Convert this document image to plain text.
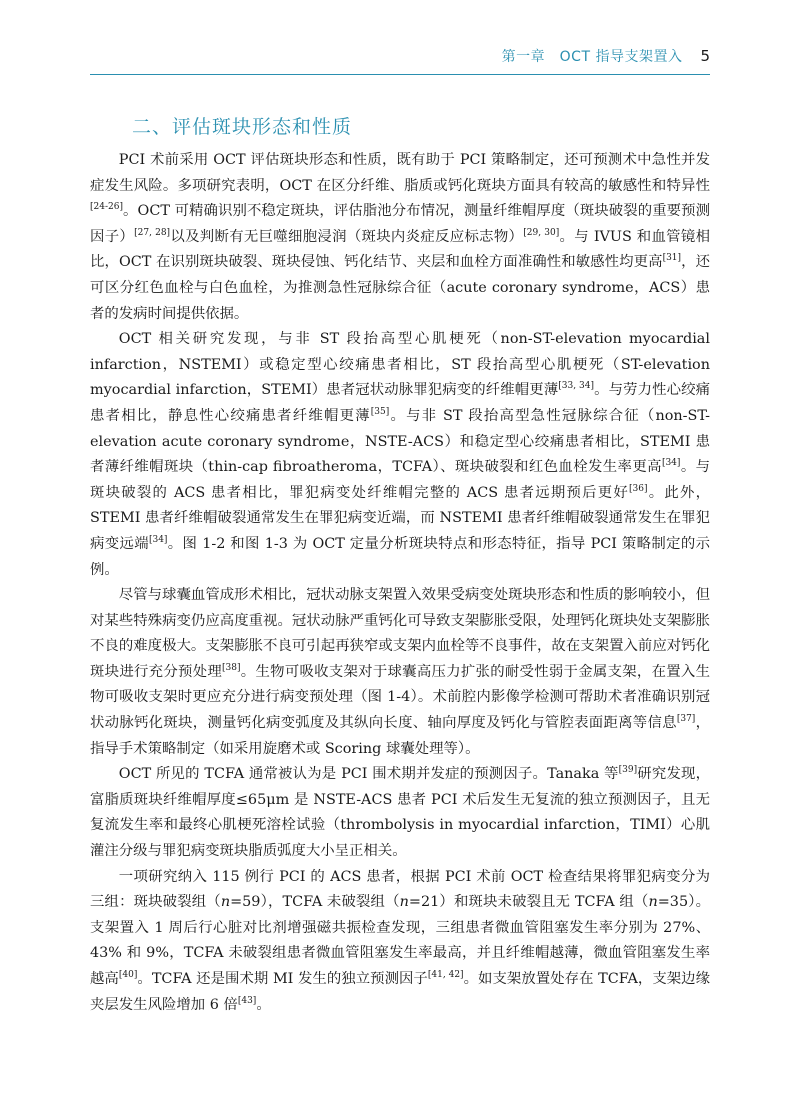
第一章　OCT 指导支架置入 5
二、评估斑块形态和性质

PCI 术前采用 OCT 评估斑块形态和性质，既有助于 PCI 策略制定，还可预测术中急性并发症发生风险。多项研究表明，OCT 在区分纤维、脂质或钙化斑块方面具有较高的敏感性和特异性[24-26]。OCT 可精确识别不稳定斑块，评估脂池分布情况，测量纤维帽厚度（斑块破裂的重要预测因子）[27, 28]以及判断有无巨噬细胞浸润（斑块内炎症反应标志物）[29, 30]。与 IVUS 和血管镜相比，OCT 在识别斑块破裂、斑块侵蚀、钙化结节、夹层和血栓方面准确性和敏感性均更高[31]，还可区分红色血栓与白色血栓，为推测急性冠脉综合征（acute coronary syndrome，ACS）患者的发病时间提供依据。

OCT 相关研究发现，与非 ST 段抬高型心肌梗死（non-ST-elevation myocardial infarction，NSTEMI）或稳定型心绞痛患者相比，ST 段抬高型心肌梗死（ST-elevation myocardial infarction，STEMI）患者冠状动脉罪犯病变的纤维帽更薄[33, 34]。与劳力性心绞痛患者相比，静息性心绞痛患者纤维帽更薄[35]。与非 ST 段抬高型急性冠脉综合征（non-ST-elevation acute coronary syndrome，NSTE-ACS）和稳定型心绞痛患者相比，STEMI 患者薄纤维帽斑块（thin-cap fibroatheroma，TCFA）、斑块破裂和红色血栓发生率更高[34]。与斑块破裂的 ACS 患者相比，罪犯病变处纤维帽完整的 ACS 患者远期预后更好[36]。此外，STEMI 患者纤维帽破裂通常发生在罪犯病变近端，而 NSTEMI 患者纤维帽破裂通常发生在罪犯病变远端[34]。图 1-2 和图 1-3 为 OCT 定量分析斑块特点和形态特征，指导 PCI 策略制定的示例。

尽管与球囊血管成形术相比，冠状动脉支架置入效果受病变处斑块形态和性质的影响较小，但对某些特殊病变仍应高度重视。冠状动脉严重钙化可导致支架膨胀受限，处理钙化斑块处支架膨胀不良的难度极大。支架膨胀不良可引起再狭窄或支架内血栓等不良事件，故在支架置入前应对钙化斑块进行充分预处理[38]。生物可吸收支架对于球囊高压力扩张的耐受性弱于金属支架，在置入生物可吸收支架时更应充分进行病变预处理（图 1-4）。术前腔内影像学检测可帮助术者准确识别冠状动脉钙化斑块，测量钙化病变弧度及其纵向长度、轴向厚度及钙化与管腔表面距离等信息[37]，指导手术策略制定（如采用旋磨术或 Scoring 球囊处理等）。

OCT 所见的 TCFA 通常被认为是 PCI 围术期并发症的预测因子。Tanaka 等[39]研究发现，富脂质斑块纤维帽厚度≤65μm 是 NSTE-ACS 患者 PCI 术后发生无复流的独立预测因子，且无复流发生率和最终心肌梗死溶栓试验（thrombolysis in myocardial infarction，TIMI）心肌灌注分级与罪犯病变斑块脂质弧度大小呈正相关。

一项研究纳入 115 例行 PCI 的 ACS 患者，根据 PCI 术前 OCT 检查结果将罪犯病变分为三组：斑块破裂组（n=59），TCFA 未破裂组（n=21）和斑块未破裂且无 TCFA 组（n=35）。支架置入 1 周后行心脏对比剂增强磁共振检查发现，三组患者微血管阻塞发生率分别为 27%、43% 和 9%，TCFA 未破裂组患者微血管阻塞发生率最高，并且纤维帽越薄，微血管阻塞发生率越高[40]。TCFA 还是围术期 MI 发生的独立预测因子[41, 42]。如支架放置处存在 TCFA，支架边缘夹层发生风险增加 6 倍[43]。
